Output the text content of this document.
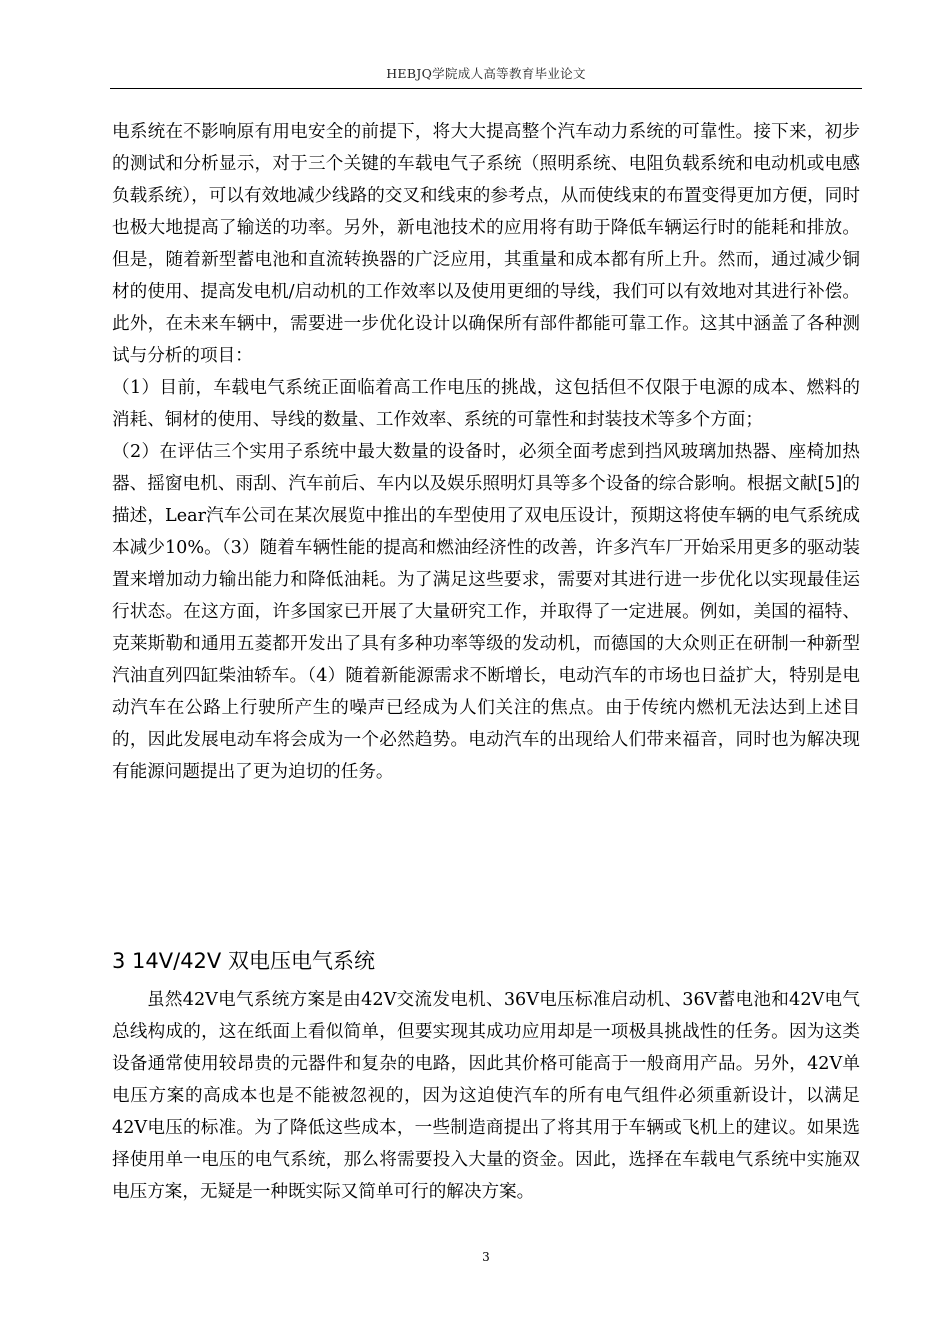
HEBJQ学院成人高等教育毕业论文

电系统在不影响原有用电安全的前提下，将大大提高整个汽车动力系统的可靠性。接下来，初步的测试和分析显示，对于三个关键的车载电气子系统（照明系统、电阻负载系统和电动机或电感负载系统），可以有效地减少线路的交叉和线束的参考点，从而使线束的布置变得更加方便，同时也极大地提高了输送的功率。另外，新电池技术的应用将有助于降低车辆运行时的能耗和排放。但是，随着新型蓄电池和直流转换器的广泛应用，其重量和成本都有所上升。然而，通过减少铜材的使用、提高发电机/启动机的工作效率以及使用更细的导线，我们可以有效地对其进行补偿。此外，在未来车辆中，需要进一步优化设计以确保所有部件都能可靠工作。这其中涵盖了各种测试与分析的项目：

（1）目前，车载电气系统正面临着高工作电压的挑战，这包括但不仅限于电源的成本、燃料的消耗、铜材的使用、导线的数量、工作效率、系统的可靠性和封装技术等多个方面；

（2）在评估三个实用子系统中最大数量的设备时，必须全面考虑到挡风玻璃加热器、座椅加热器、摇窗电机、雨刮、汽车前后、车内以及娱乐照明灯具等多个设备的综合影响。根据文献[5]的描述，Lear汽车公司在某次展览中推出的车型使用了双电压设计，预期这将使车辆的电气系统成本减少10%。（3）随着车辆性能的提高和燃油经济性的改善，许多汽车厂开始采用更多的驱动装置来增加动力输出能力和降低油耗。为了满足这些要求，需要对其进行进一步优化以实现最佳运行状态。在这方面，许多国家已开展了大量研究工作，并取得了一定进展。例如，美国的福特、克莱斯勒和通用五菱都开发出了具有多种功率等级的发动机，而德国的大众则正在研制一种新型汽油直列四缸柴油轿车。（4）随着新能源需求不断增长，电动汽车的市场也日益扩大，特别是电动汽车在公路上行驶所产生的噪声已经成为人们关注的焦点。由于传统内燃机无法达到上述目的，因此发展电动车将会成为一个必然趋势。电动汽车的出现给人们带来福音，同时也为解决现有能源问题提出了更为迫切的任务。

3 14V/42V 双电压电气系统

虽然42V电气系统方案是由42V交流发电机、36V电压标准启动机、36V蓄电池和42V电气总线构成的，这在纸面上看似简单，但要实现其成功应用却是一项极具挑战性的任务。因为这类设备通常使用较昂贵的元器件和复杂的电路，因此其价格可能高于一般商用产品。另外，42V单电压方案的高成本也是不能被忽视的，因为这迫使汽车的所有电气组件必须重新设计，以满足42V电压的标准。为了降低这些成本，一些制造商提出了将其用于车辆或飞机上的建议。如果选择使用单一电压的电气系统，那么将需要投入大量的资金。因此，选择在车载电气系统中实施双电压方案，无疑是一种既实际又简单可行的解决方案。

3
